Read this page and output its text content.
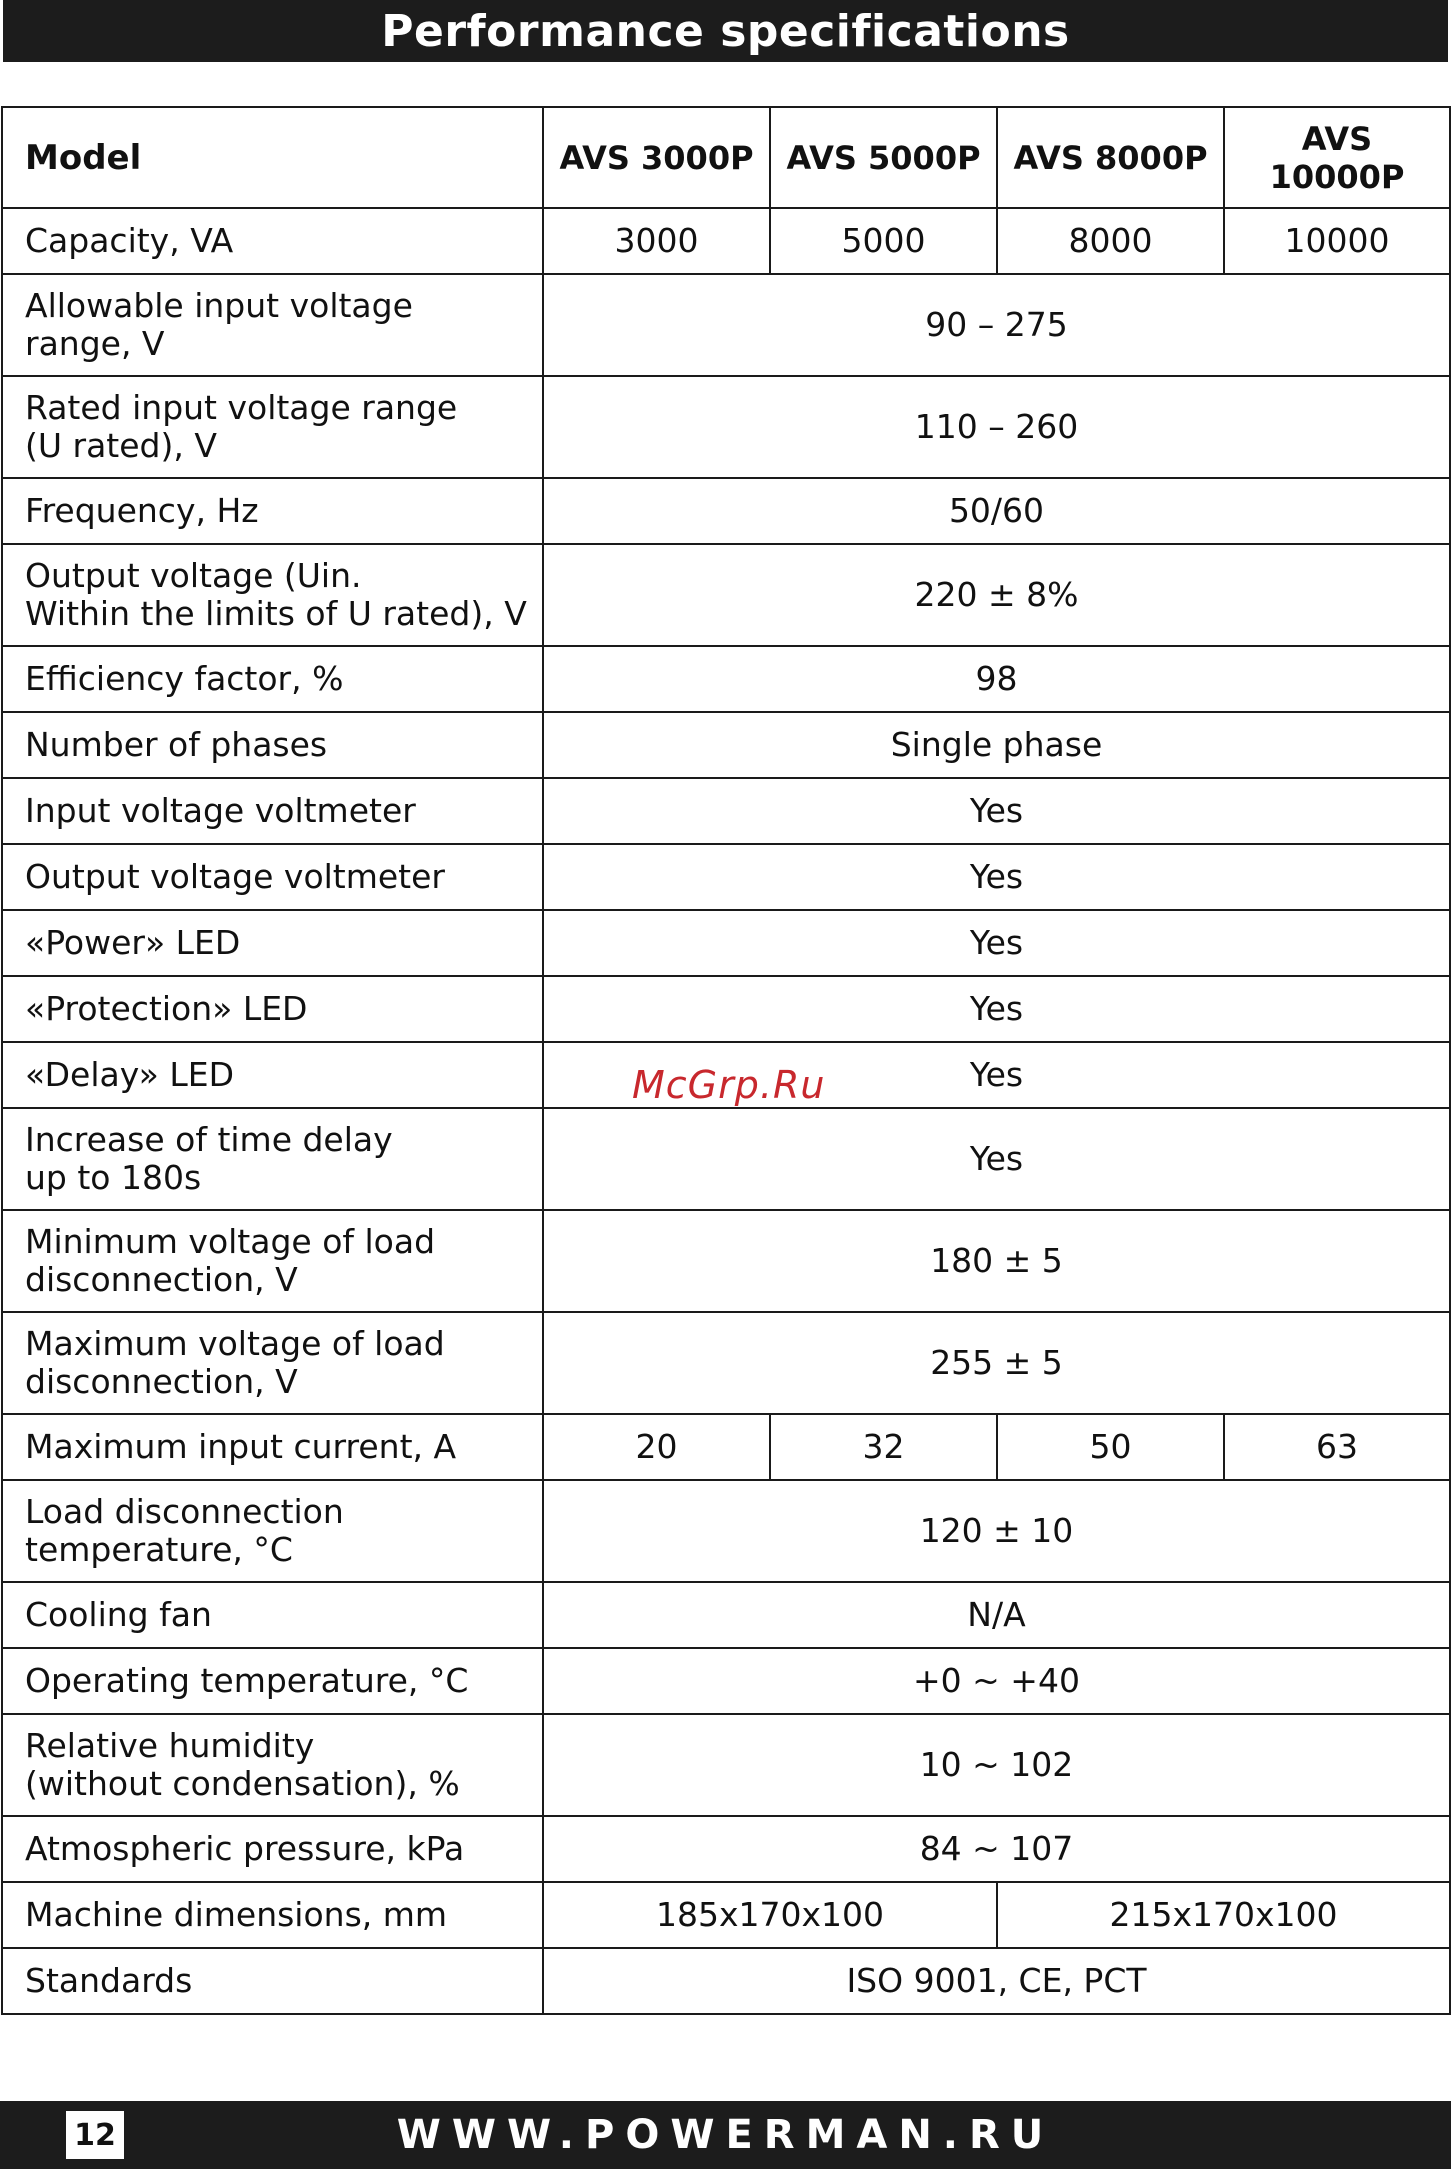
Performance specifications
Model	AVS 3000P	AVS 5000P	AVS 8000P	AVS 10000P
Capacity, VA	3000	5000	8000	10000
Allowable input voltage
range, V	90 – 275			
Rated input voltage range
(U rated), V	110 – 260			
Frequency, Hz	50/60			
Output voltage (Uin.
Within the limits of U rated), V	220 ± 8%			
Efficiency factor, %	98			
Number of phases	Single phase			
Input voltage voltmeter	Yes			
Output voltage voltmeter	Yes			
«Power» LED	Yes			
«Protection» LED	Yes			
«Delay» LED	Yes			
Increase of time delay
up to 180s	Yes			
Minimum voltage of load
disconnection, V	180 ± 5			
Maximum voltage of load
disconnection, V	255 ± 5			
Maximum input current, A	20	32	50	63
Load disconnection
temperature, °C	120 ± 10			
Cooling fan	N/A			
Operating temperature, °C	+0 ~ +40			
Relative humidity
(without condensation), %	10 ~ 102			
Atmospheric pressure, kPa	84 ~ 107			
Machine dimensions, mm	185x170x100		215x170x100	
Standards	ISO 9001, CE, PCT			
McGrp.Ru
WWW.POWERMAN.RU
12
